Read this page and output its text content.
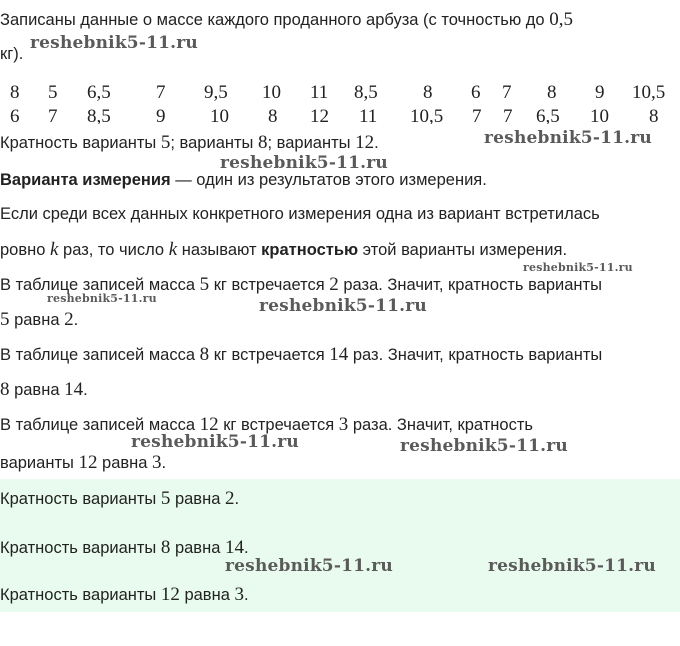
Записаны данные о массе каждого проданного арбуза (с точностью до 0,5
кг).
8 5 6,5 7 9,5 10 11 8,5 8 6 7 8 9 10,5
6 7 8,5 9 10 8 12 11 10,5 7 7 6,5 10 8
Кратность варианты 5; варианты 8; варианты 12.
Варианта измерения — один из результатов этого измерения.
Если среди всех данных конкретного измерения одна из вариант встретилась
ровно k раз, то число k называют кратностью этой варианты измерения.
В таблице записей масса 5 кг встречается 2 раза. Значит, кратность варианты
5 равна 2.
В таблице записей масса 8 кг встречается 14 раз. Значит, кратность варианты
8 равна 14.
В таблице записей масса 12 кг встречается 3 раза. Значит, кратность
варианты 12 равна 3.
Кратность варианты 5 равна 2.
Кратность варианты 8 равна 14.
Кратность варианты 12 равна 3.
reshebnik5-11.ru
reshebnik5-11.ru
reshebnik5-11.ru
reshebnik5-11.ru
reshebnik5-11.ru	reshebnik5-11.ru
reshebnik5-11.ru	reshebnik5-11.ru
reshebnik5-11.ru	reshebnik5-11.ru
